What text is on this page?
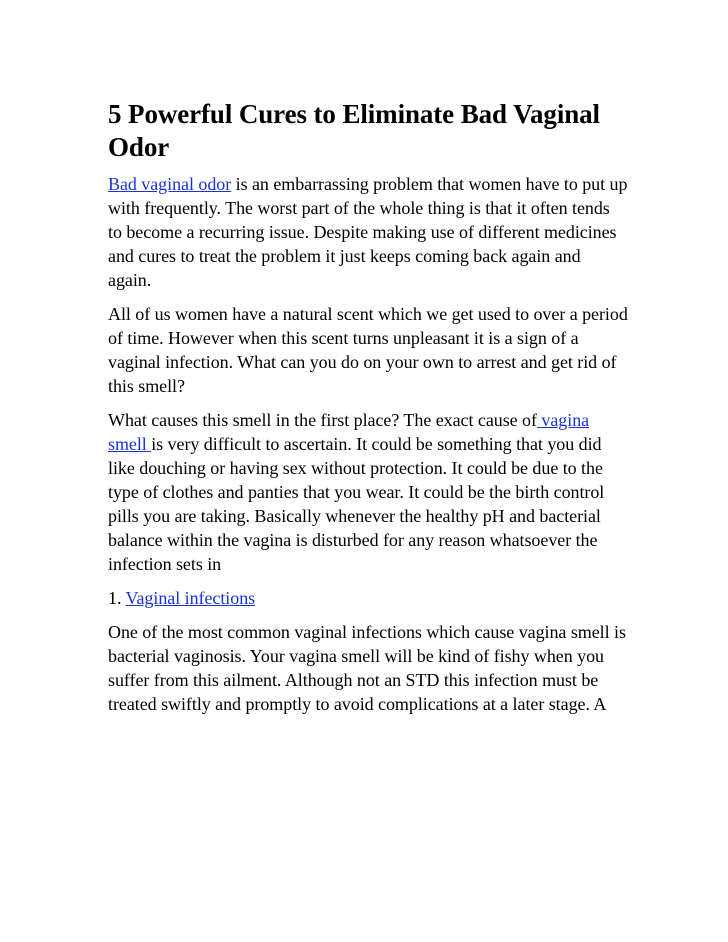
5 Powerful Cures to Eliminate Bad Vaginal Odor

Bad vaginal odor is an embarrassing problem that women have to put up with frequently. The worst part of the whole thing is that it often tends to become a recurring issue. Despite making use of different medicines and cures to treat the problem it just keeps coming back again and again.

All of us women have a natural scent which we get used to over a period of time. However when this scent turns unpleasant it is a sign of a vaginal infection. What can you do on your own to arrest and get rid of this smell?

What causes this smell in the first place? The exact cause of vagina smell is very difficult to ascertain. It could be something that you did like douching or having sex without protection. It could be due to the type of clothes and panties that you wear. It could be the birth control pills you are taking. Basically whenever the healthy pH and bacterial balance within the vagina is disturbed for any reason whatsoever the infection sets in

1. Vaginal infections

One of the most common vaginal infections which cause vagina smell is bacterial vaginosis. Your vagina smell will be kind of fishy when you suffer from this ailment. Although not an STD this infection must be treated swiftly and promptly to avoid complications at a later stage. A
